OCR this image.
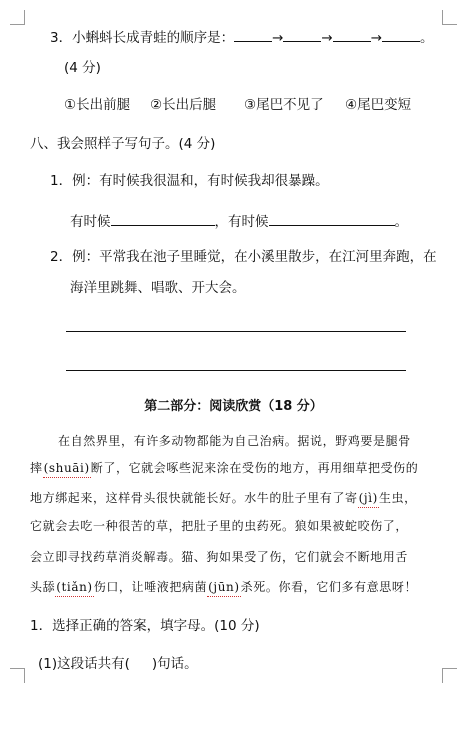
3．小蝌蚪长成青蛙的顺序是：	→	→	→	。
(4 分)
①长出前腿 ②长出后腿 ③尾巴不见了 ④尾巴变短
八、我会照样子写句子。(4 分)
1．例：有时候我很温和，有时候我却很暴躁。
有时候	，有时候	。
2．例：平常我在池子里睡觉，在小溪里散步，在江河里奔跑，在
海洋里跳舞、唱歌、开大会。
第二部分：阅读欣赏（18 分）
在自然界里，有许多动物都能为自己治病。据说，野鸡要是腿骨
摔(shuāi)断了，它就会啄些泥来涂在受伤的地方，再用细草把受伤的
地方绑起来，这样骨头很快就能长好。水牛的肚子里有了寄(jì)生虫，
它就会去吃一种很苦的草，把肚子里的虫药死。狼如果被蛇咬伤了，
会立即寻找药草消炎解毒。猫、狗如果受了伤，它们就会不断地用舌
头舔(tiǎn)伤口，让唾液把病菌(jūn)杀死。你看，它们多有意思呀！
1．选择正确的答案，填字母。(10 分)
(1)这段话共有( )句话。
